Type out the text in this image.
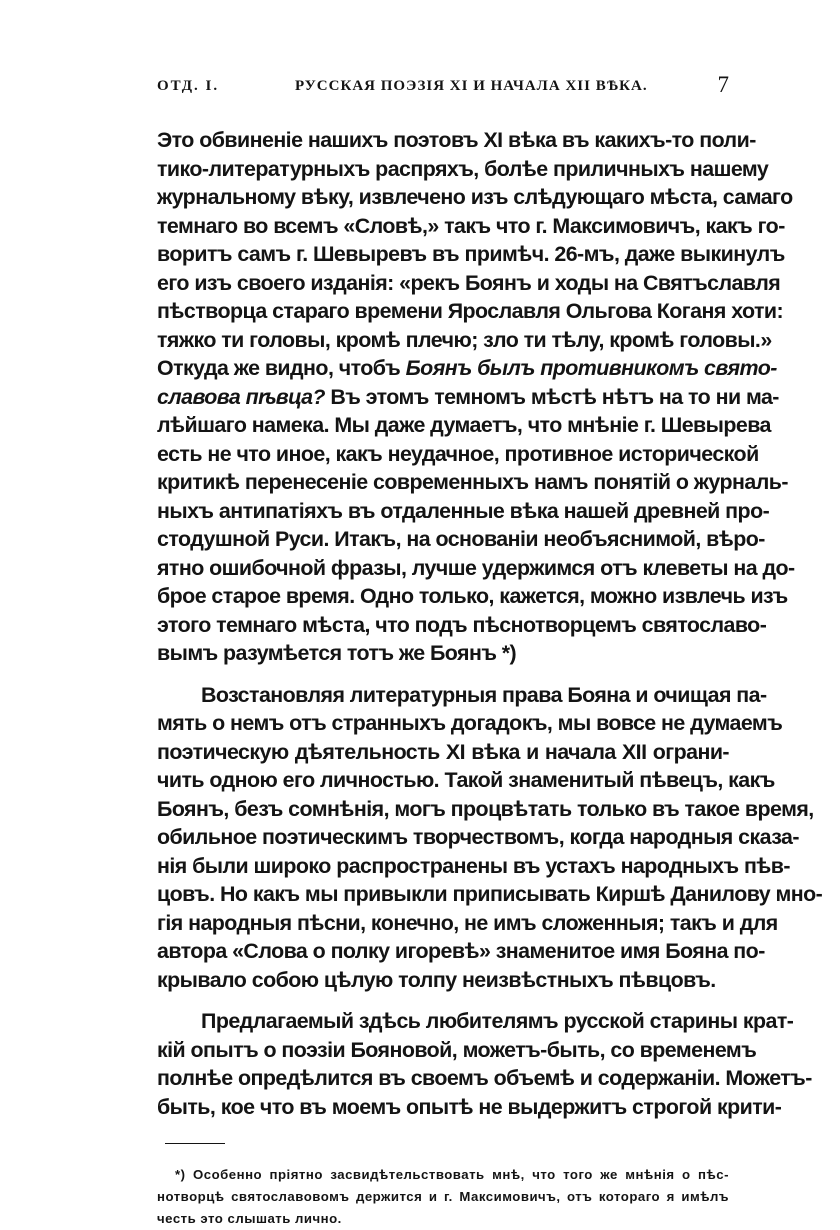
ОТД. I.	РУССКАЯ ПОЭЗІЯ XI И НАЧАЛА XII ВѢКА.	7
Это обвиненіе нашихъ поэтовъ XI вѣка въ какихъ-то поли-
тико-литературныхъ распряхъ, болѣе приличныхъ нашему
журнальному вѣку, извлечено изъ слѣдующаго мѣста, самаго
темнаго во всемъ «Словѣ,» такъ что г. Максимовичъ, какъ го-
воритъ самъ г. Шевыревъ въ примѣч. 26-мъ, даже выкинулъ
его изъ своего изданія: «рекъ Боянъ и ходы на Святъславля
пѣстворца стараго времени Ярославля Ольгова Коганя хоти:
тяжко ти головы, кромѣ плечю; зло ти тѣлу, кромѣ головы.»
Откуда же видно, чтобъ Боянъ былъ противникомъ свято-
славова пѣвца? Въ этомъ темномъ мѣстѣ нѣтъ на то ни ма-
лѣйшаго намека. Мы даже думаетъ, что мнѣніе г. Шевырева
есть не что иное, какъ неудачное, противное исторической
критикѣ перенесеніе современныхъ намъ понятій о журналь-
ныхъ антипатіяхъ въ отдаленные вѣка нашей древней про-
стодушной Руси. Итакъ, на основаніи необъяснимой, вѣро-
ятно ошибочной фразы, лучше удержимся отъ клеветы на до-
брое старое время. Одно только, кажется, можно извлечь изъ
этого темнаго мѣста, что подъ пѣснотворцемъ святославо-
вымъ разумѣется тотъ же Боянъ *)
Возстановляя литературныя права Бояна и очищая па-
мять о немъ отъ странныхъ догадокъ, мы вовсе не думаемъ
поэтическую дѣятельность XI вѣка и начала XII ограни-
чить одною его личностью. Такой знаменитый пѣвецъ, какъ
Боянъ, безъ сомнѣнія, могъ процвѣтать только въ такое время,
обильное поэтическимъ творчествомъ, когда народныя сказа-
нія были широко распространены въ устахъ народныхъ пѣв-
цовъ. Но какъ мы привыкли приписывать Киршѣ Данилову мно-
гія народныя пѣсни, конечно, не имъ сложенныя; такъ и для
автора «Слова о полку игоревѣ» знаменитое имя Бояна по-
крывало собою цѣлую толпу неизвѣстныхъ пѣвцовъ.
Предлагаемый здѣсь любителямъ русской старины крат-
кій опытъ о поэзіи Бояновой, можетъ-быть, со временемъ
полнѣе опредѣлится въ своемъ объемѣ и содержаніи. Можетъ-
быть, кое что въ моемъ опытѣ не выдержитъ строгой крити-
*) Особенно пріятно засвидѣтельствовать мнѣ, что того же мнѣнія о пѣс-
нотворцѣ святославовомъ держится и г. Максимовичъ, отъ котораго я имѣлъ
честь это слышать лично.
